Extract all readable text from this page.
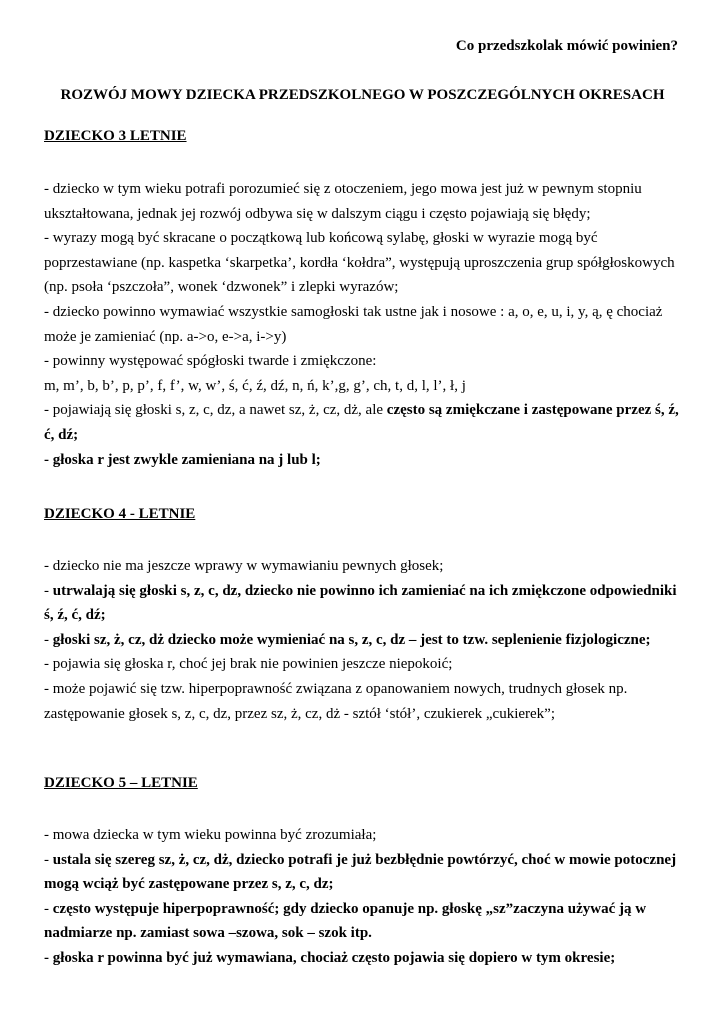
Co przedszkolak mówić powinien?
ROZWÓJ MOWY DZIECKA PRZEDSZKOLNEGO W POSZCZEGÓLNYCH OKRESACH
DZIECKO 3 LETNIE

- dziecko w tym wieku potrafi porozumieć się z otoczeniem, jego mowa jest już w pewnym stopniu ukształtowana, jednak jej rozwój odbywa się w dalszym ciągu i często pojawiają się błędy;

- wyrazy mogą być skracane o początkową lub końcową sylabę, głoski w wyrazie mogą być poprzestawiane (np. kaspetka ‘skarpetka’, kordła ‘kołdra”, występują uproszczenia grup spółgłoskowych (np. psoła ‘pszczoła”, wonek ‘dzwonek” i zlepki wyrazów;

- dziecko powinno wymawiać wszystkie samogłoski tak ustne jak i nosowe : a, o, e, u, i, y, ą, ę chociaż może je zamieniać (np. a->o, e->a, i->y)

- powinny występować spógłoski twarde i zmiękczone:

m, m’, b, b’, p, p’, f, f’, w, w’, ś, ć, ź, dź, n, ń, k’,g, g’, ch, t, d, l, l’, ł, j

- pojawiają się głoski s, z, c, dz, a nawet sz, ż, cz, dż, ale często są zmiękczane i zastępowane przez ś, ź, ć, dź;

- głoska r jest zwykle zamieniana na j lub l;

DZIECKO 4 - LETNIE

- dziecko nie ma jeszcze wprawy w wymawianiu pewnych głosek;

- utrwalają się głoski s, z, c, dz, dziecko nie powinno ich zamieniać na ich zmiękczone odpowiedniki ś, ź, ć, dź;

- głoski sz, ż, cz, dż dziecko może wymieniać na s, z, c, dz – jest to tzw. seplenienie fizjologiczne;

- pojawia się głoska r, choć jej brak nie powinien jeszcze niepokoić;

- może pojawić się tzw. hiperpoprawność związana z opanowaniem nowych, trudnych głosek np. zastępowanie głosek s, z, c, dz, przez sz, ż, cz, dż - sztół ‘stół’, czukierek „cukierek”;

DZIECKO 5 – LETNIE

- mowa dziecka w tym wieku powinna być zrozumiała;

- ustala się szereg sz, ż, cz, dż, dziecko potrafi je już bezbłędnie powtórzyć, choć w mowie potocznej mogą wciąż być zastępowane przez s, z, c, dz;

- często występuje hiperpoprawność; gdy dziecko opanuje np. głoskę „sz”zaczyna używać ją w nadmiarze np. zamiast sowa –szowa, sok – szok itp.

- głoska r powinna być już wymawiana, chociaż często pojawia się dopiero w tym okresie;
